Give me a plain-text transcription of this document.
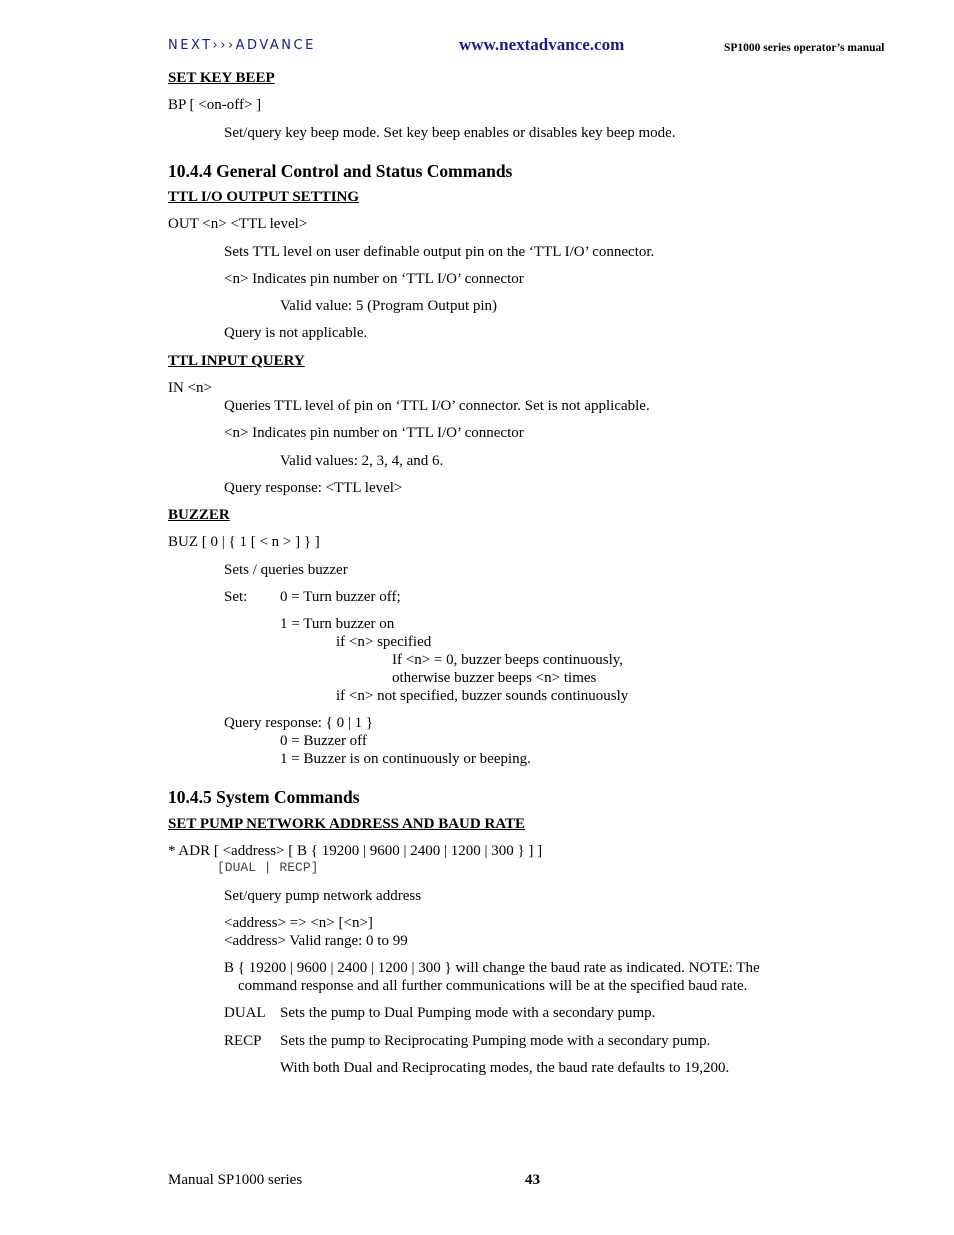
NEXT›››ADVANCE	www.nextadvance.com	SP1000 series operator’s manual
SET KEY BEEP
BP [ <on-off> ]
Set/query key beep mode. Set key beep enables or disables key beep mode.
10.4.4 General Control and Status Commands
TTL I/O OUTPUT SETTING
OUT <n> <TTL level>
Sets TTL level on user definable output pin on the ‘TTL I/O’ connector.
<n> Indicates pin number on ‘TTL I/O’ connector
Valid value: 5 (Program Output pin)
Query is not applicable.
TTL INPUT QUERY
IN <n>
Queries TTL level of pin on ‘TTL I/O’ connector. Set is not applicable.
<n> Indicates pin number on ‘TTL I/O’ connector
Valid values: 2, 3, 4, and 6.
Query response: <TTL level>
BUZZER
BUZ [ 0 | { 1 [ < n > ] } ]
Sets / queries buzzer
Set: 0 = Turn buzzer off;
1 = Turn buzzer on
if <n> specified
If <n> = 0, buzzer beeps continuously,
otherwise buzzer beeps <n> times
if <n> not specified, buzzer sounds continuously
Query response: { 0 | 1 }
0 = Buzzer off
1 = Buzzer is on continuously or beeping.
10.4.5 System Commands
SET PUMP NETWORK ADDRESS AND BAUD RATE
* ADR [ <address> [ B { 19200 | 9600 | 2400 | 1200 | 300 } ] ]
[DUAL | RECP]
Set/query pump network address
<address> => <n> [<n>]
<address> Valid range: 0 to 99
B { 19200 | 9600 | 2400 | 1200 | 300 } will change the baud rate as indicated. NOTE: The
command response and all further communications will be at the specified baud rate.
DUAL Sets the pump to Dual Pumping mode with a secondary pump.
RECP Sets the pump to Reciprocating Pumping mode with a secondary pump.
With both Dual and Reciprocating modes, the baud rate defaults to 19,200.
Manual SP1000 series	43
